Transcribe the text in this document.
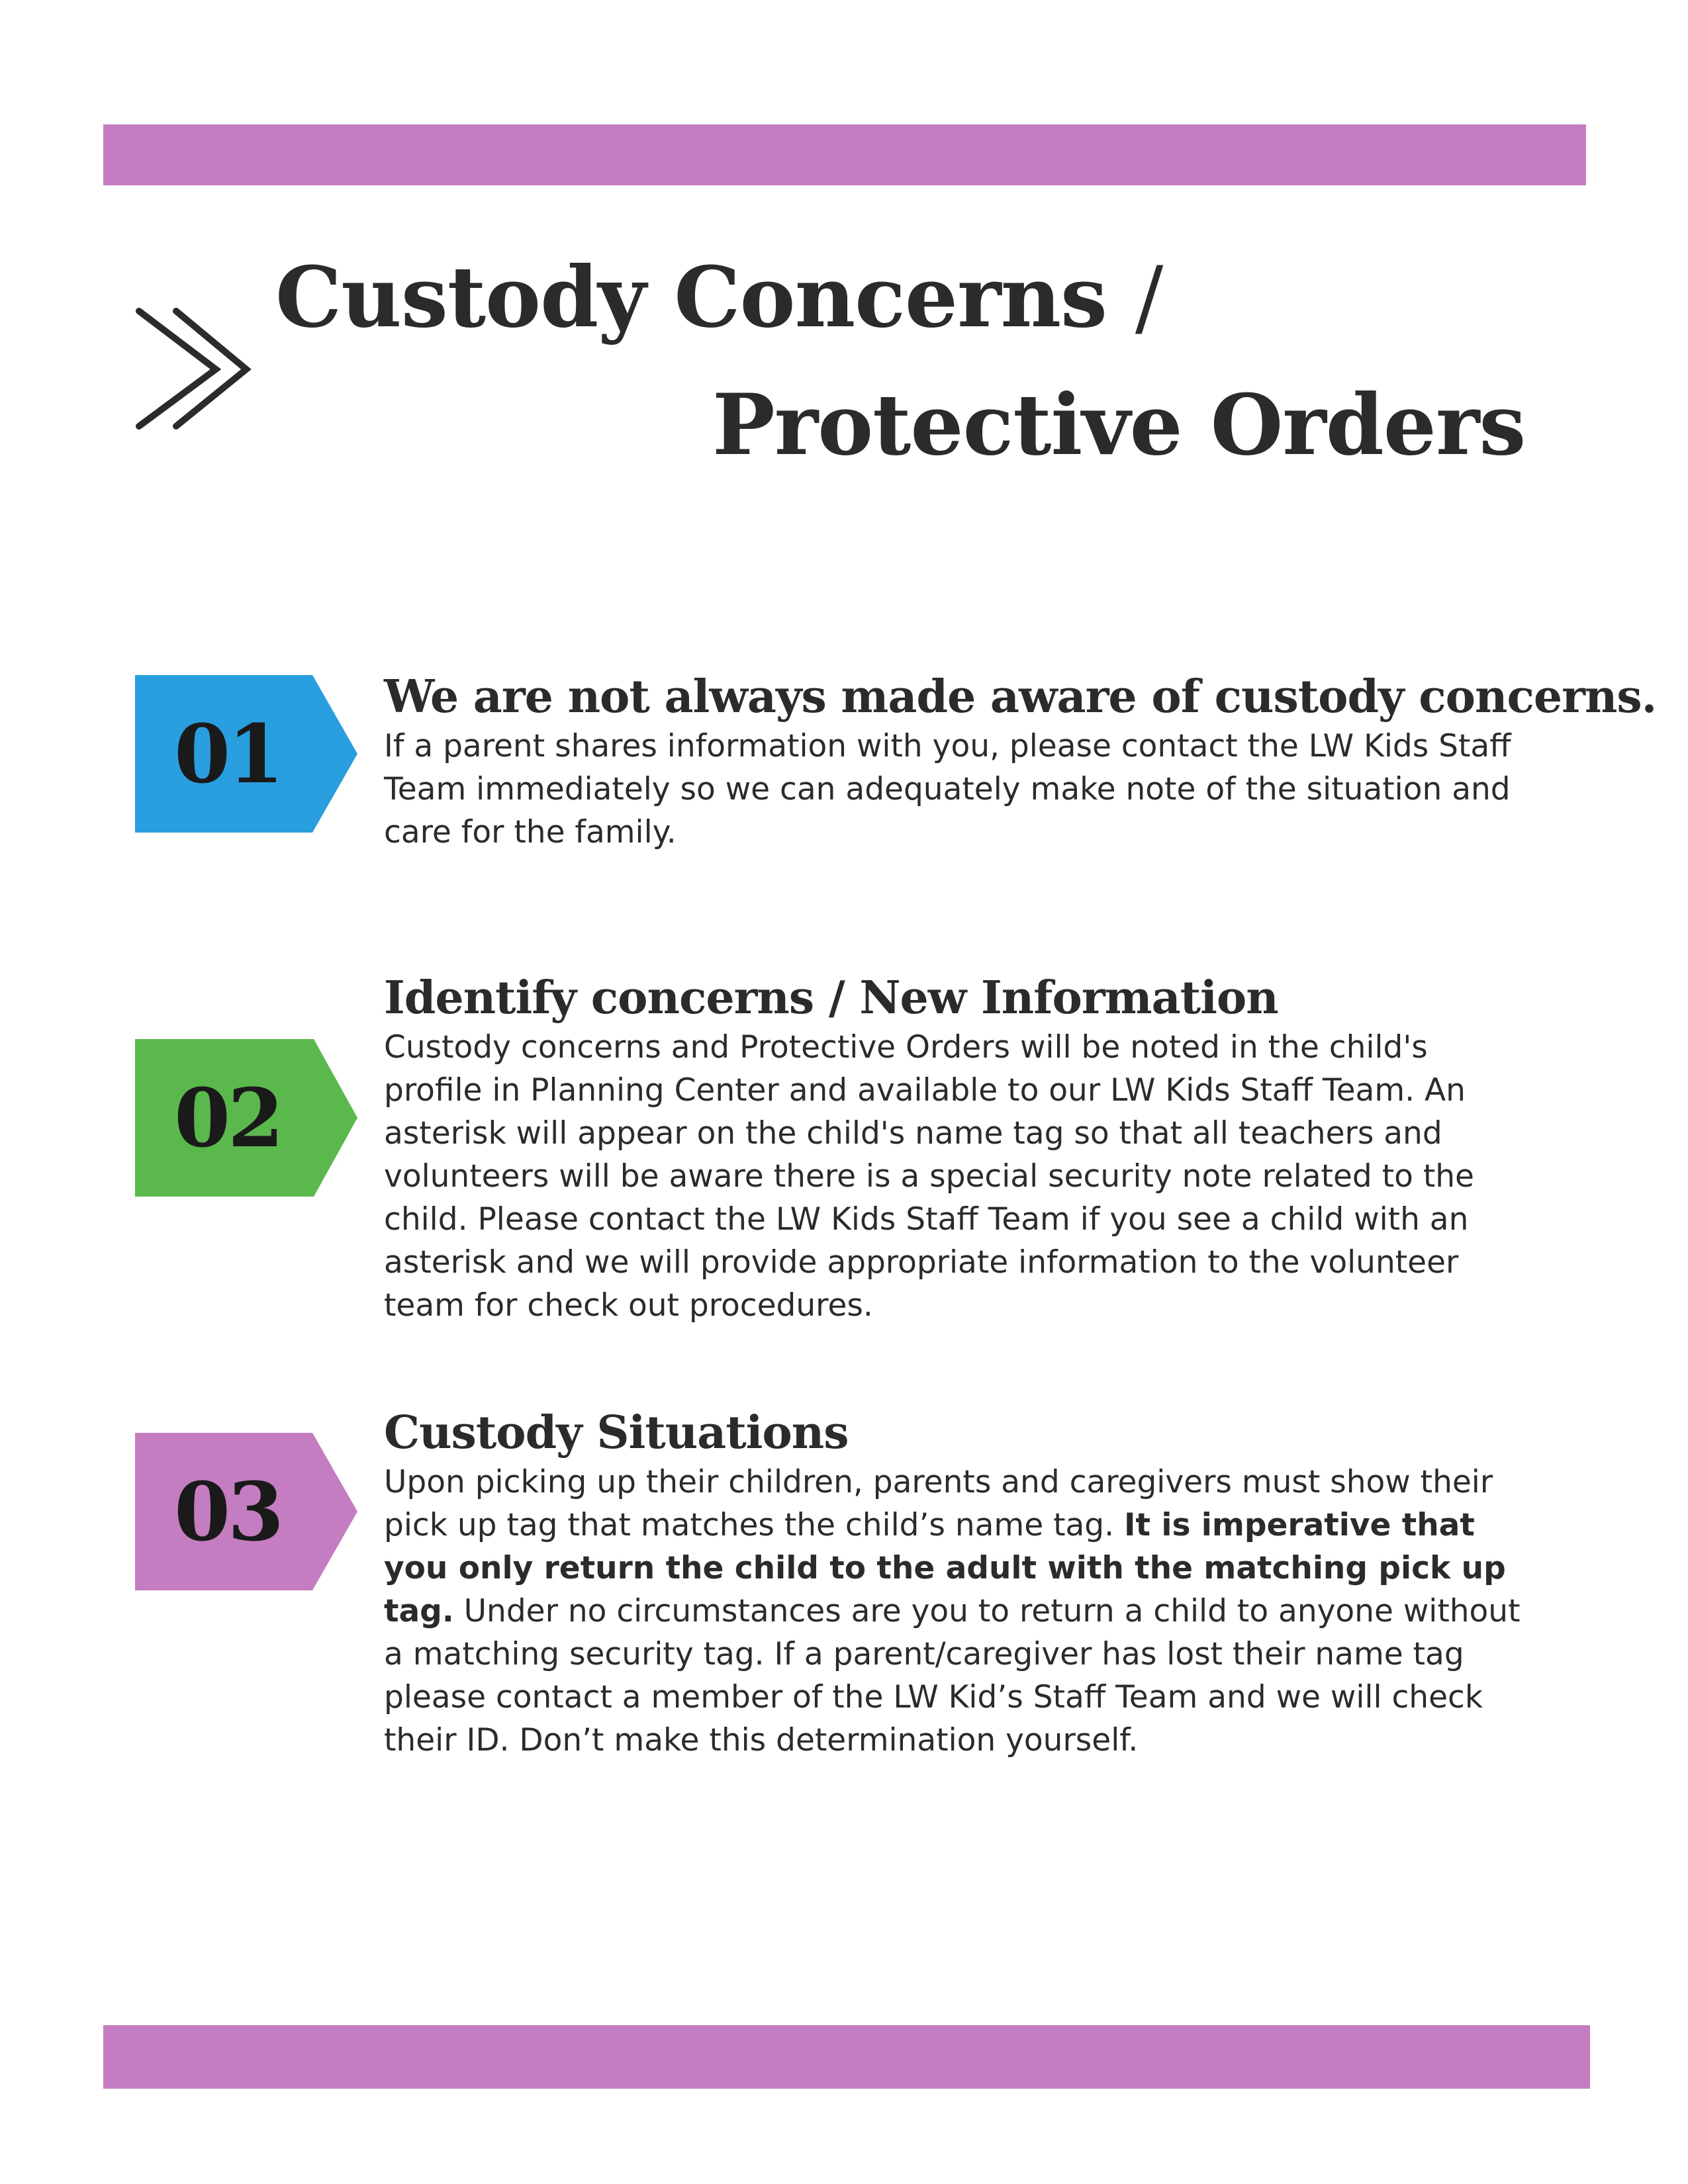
Custody Concerns /
Protective Orders
01
We are not always made aware of custody concerns.
If a parent shares information with you, please contact the LW Kids Staff Team immediately so we can adequately make note of the situation and care for the family.
02
Identify concerns / New Information
Custody concerns and Protective Orders will be noted in the child's profile in Planning Center and available to our LW Kids Staff Team. An asterisk will appear on the child's name tag so that all teachers and volunteers will be aware there is a special security note related to the child. Please contact the LW Kids Staff Team if you see a child with an asterisk and we will provide appropriate information to the volunteer team for check out procedures.
03
Custody Situations
Upon picking up their children, parents and caregivers must show their pick up tag that matches the child’s name tag. It is imperative that you only return the child to the adult with the matching pick up tag. Under no circumstances are you to return a child to anyone without a matching security tag. If a parent/caregiver has lost their name tag please contact a member of the LW Kid’s Staff Team and we will check their ID. Don’t make this determination yourself.
